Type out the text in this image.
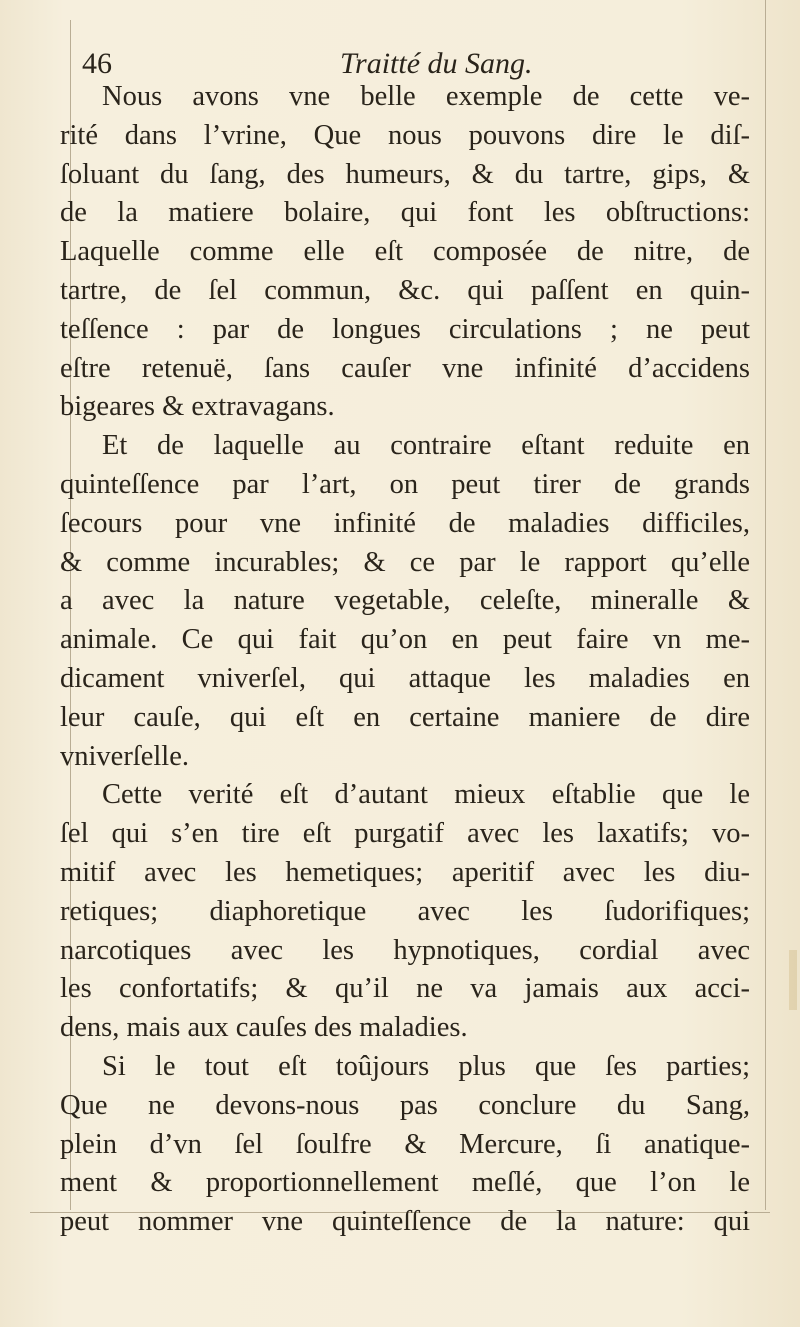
46	Traitté du Sang.
Nous avons vne belle exemple de cette ve-
rité dans l’vrine, Que nous pouvons dire le diſ-
ſoluant du ſang, des humeurs, & du tartre, gips, &
de la matiere bolaire, qui font les obſtructions:
Laquelle comme elle eſt composée de nitre, de
tartre, de ſel commun, &c. qui paſſent en quin-
teſſence : par de longues circulations ; ne peut
eſtre retenuë, ſans cauſer vne infinité d’accidens
bigeares & extravagans.
Et de laquelle au contraire eſtant reduite en
quinteſſence par l’art, on peut tirer de grands
ſecours pour vne infinité de maladies difficiles,
& comme incurables; & ce par le rapport qu’elle
a avec la nature vegetable, celeſte, mineralle &
animale. Ce qui fait qu’on en peut faire vn me-
dicament vniverſel, qui attaque les maladies en
leur cauſe, qui eſt en certaine maniere de dire
vniverſelle.
Cette verité eſt d’autant mieux eſtablie que le
ſel qui s’en tire eſt purgatif avec les laxatifs; vo-
mitif avec les hemetiques; aperitif avec les diu-
retiques; diaphoretique avec les ſudorifiques;
narcotiques avec les hypnotiques, cordial avec
les confortatifs; & qu’il ne va jamais aux acci-
dens, mais aux cauſes des maladies.
Si le tout eſt toûjours plus que ſes parties;
Que ne devons-nous pas conclure du Sang,
plein d’vn ſel ſoulfre & Mercure, ſi anatique-
ment & proportionnellement meſlé, que l’on le
peut nommer vne quinteſſence de la nature: qui
